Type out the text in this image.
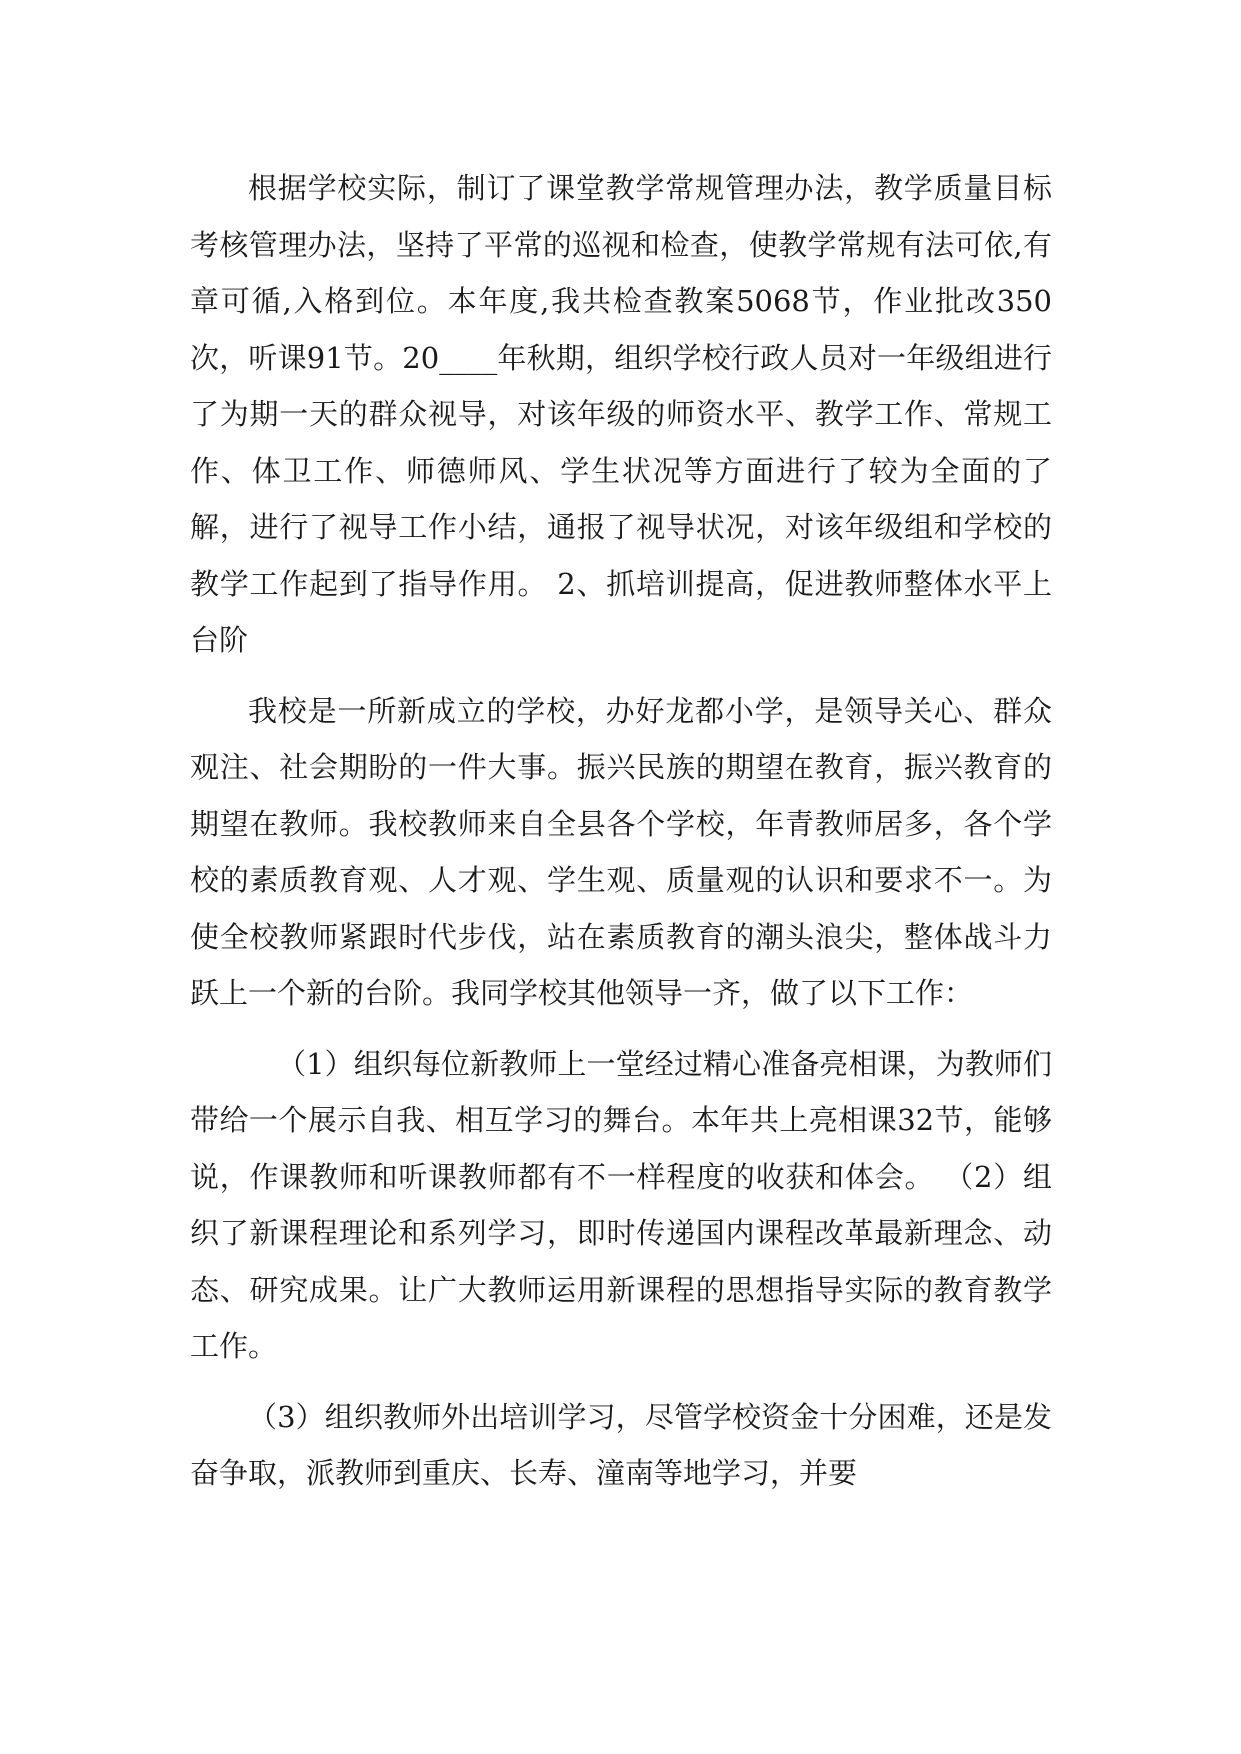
根据学校实际，制订了课堂教学常规管理办法，教学质量目标考核管理办法，坚持了平常的巡视和检查，使教学常规有法可依,有章可循,入格到位。本年度,我共检查教案5068节，作业批改350次，听课91节。20____年秋期，组织学校行政人员对一年级组进行了为期一天的群众视导，对该年级的师资水平、教学工作、常规工作、体卫工作、师德师风、学生状况等方面进行了较为全面的了解，进行了视导工作小结，通报了视导状况，对该年级组和学校的教学工作起到了指导作用。 2、抓培训提高，促进教师整体水平上台阶

我校是一所新成立的学校，办好龙都小学，是领导关心、群众观注、社会期盼的一件大事。振兴民族的期望在教育，振兴教育的期望在教师。我校教师来自全县各个学校，年青教师居多，各个学校的素质教育观、人才观、学生观、质量观的认识和要求不一。为使全校教师紧跟时代步伐，站在素质教育的潮头浪尖，整体战斗力跃上一个新的台阶。我同学校其他领导一齐，做了以下工作：

（1）组织每位新教师上一堂经过精心准备亮相课，为教师们带给一个展示自我、相互学习的舞台。本年共上亮相课32节，能够说，作课教师和听课教师都有不一样程度的收获和体会。 （2）组织了新课程理论和系列学习，即时传递国内课程改革最新理念、动态、研究成果。让广大教师运用新课程的思想指导实际的教育教学工作。

（3）组织教师外出培训学习，尽管学校资金十分困难，还是发奋争取，派教师到重庆、长寿、潼南等地学习，并要
